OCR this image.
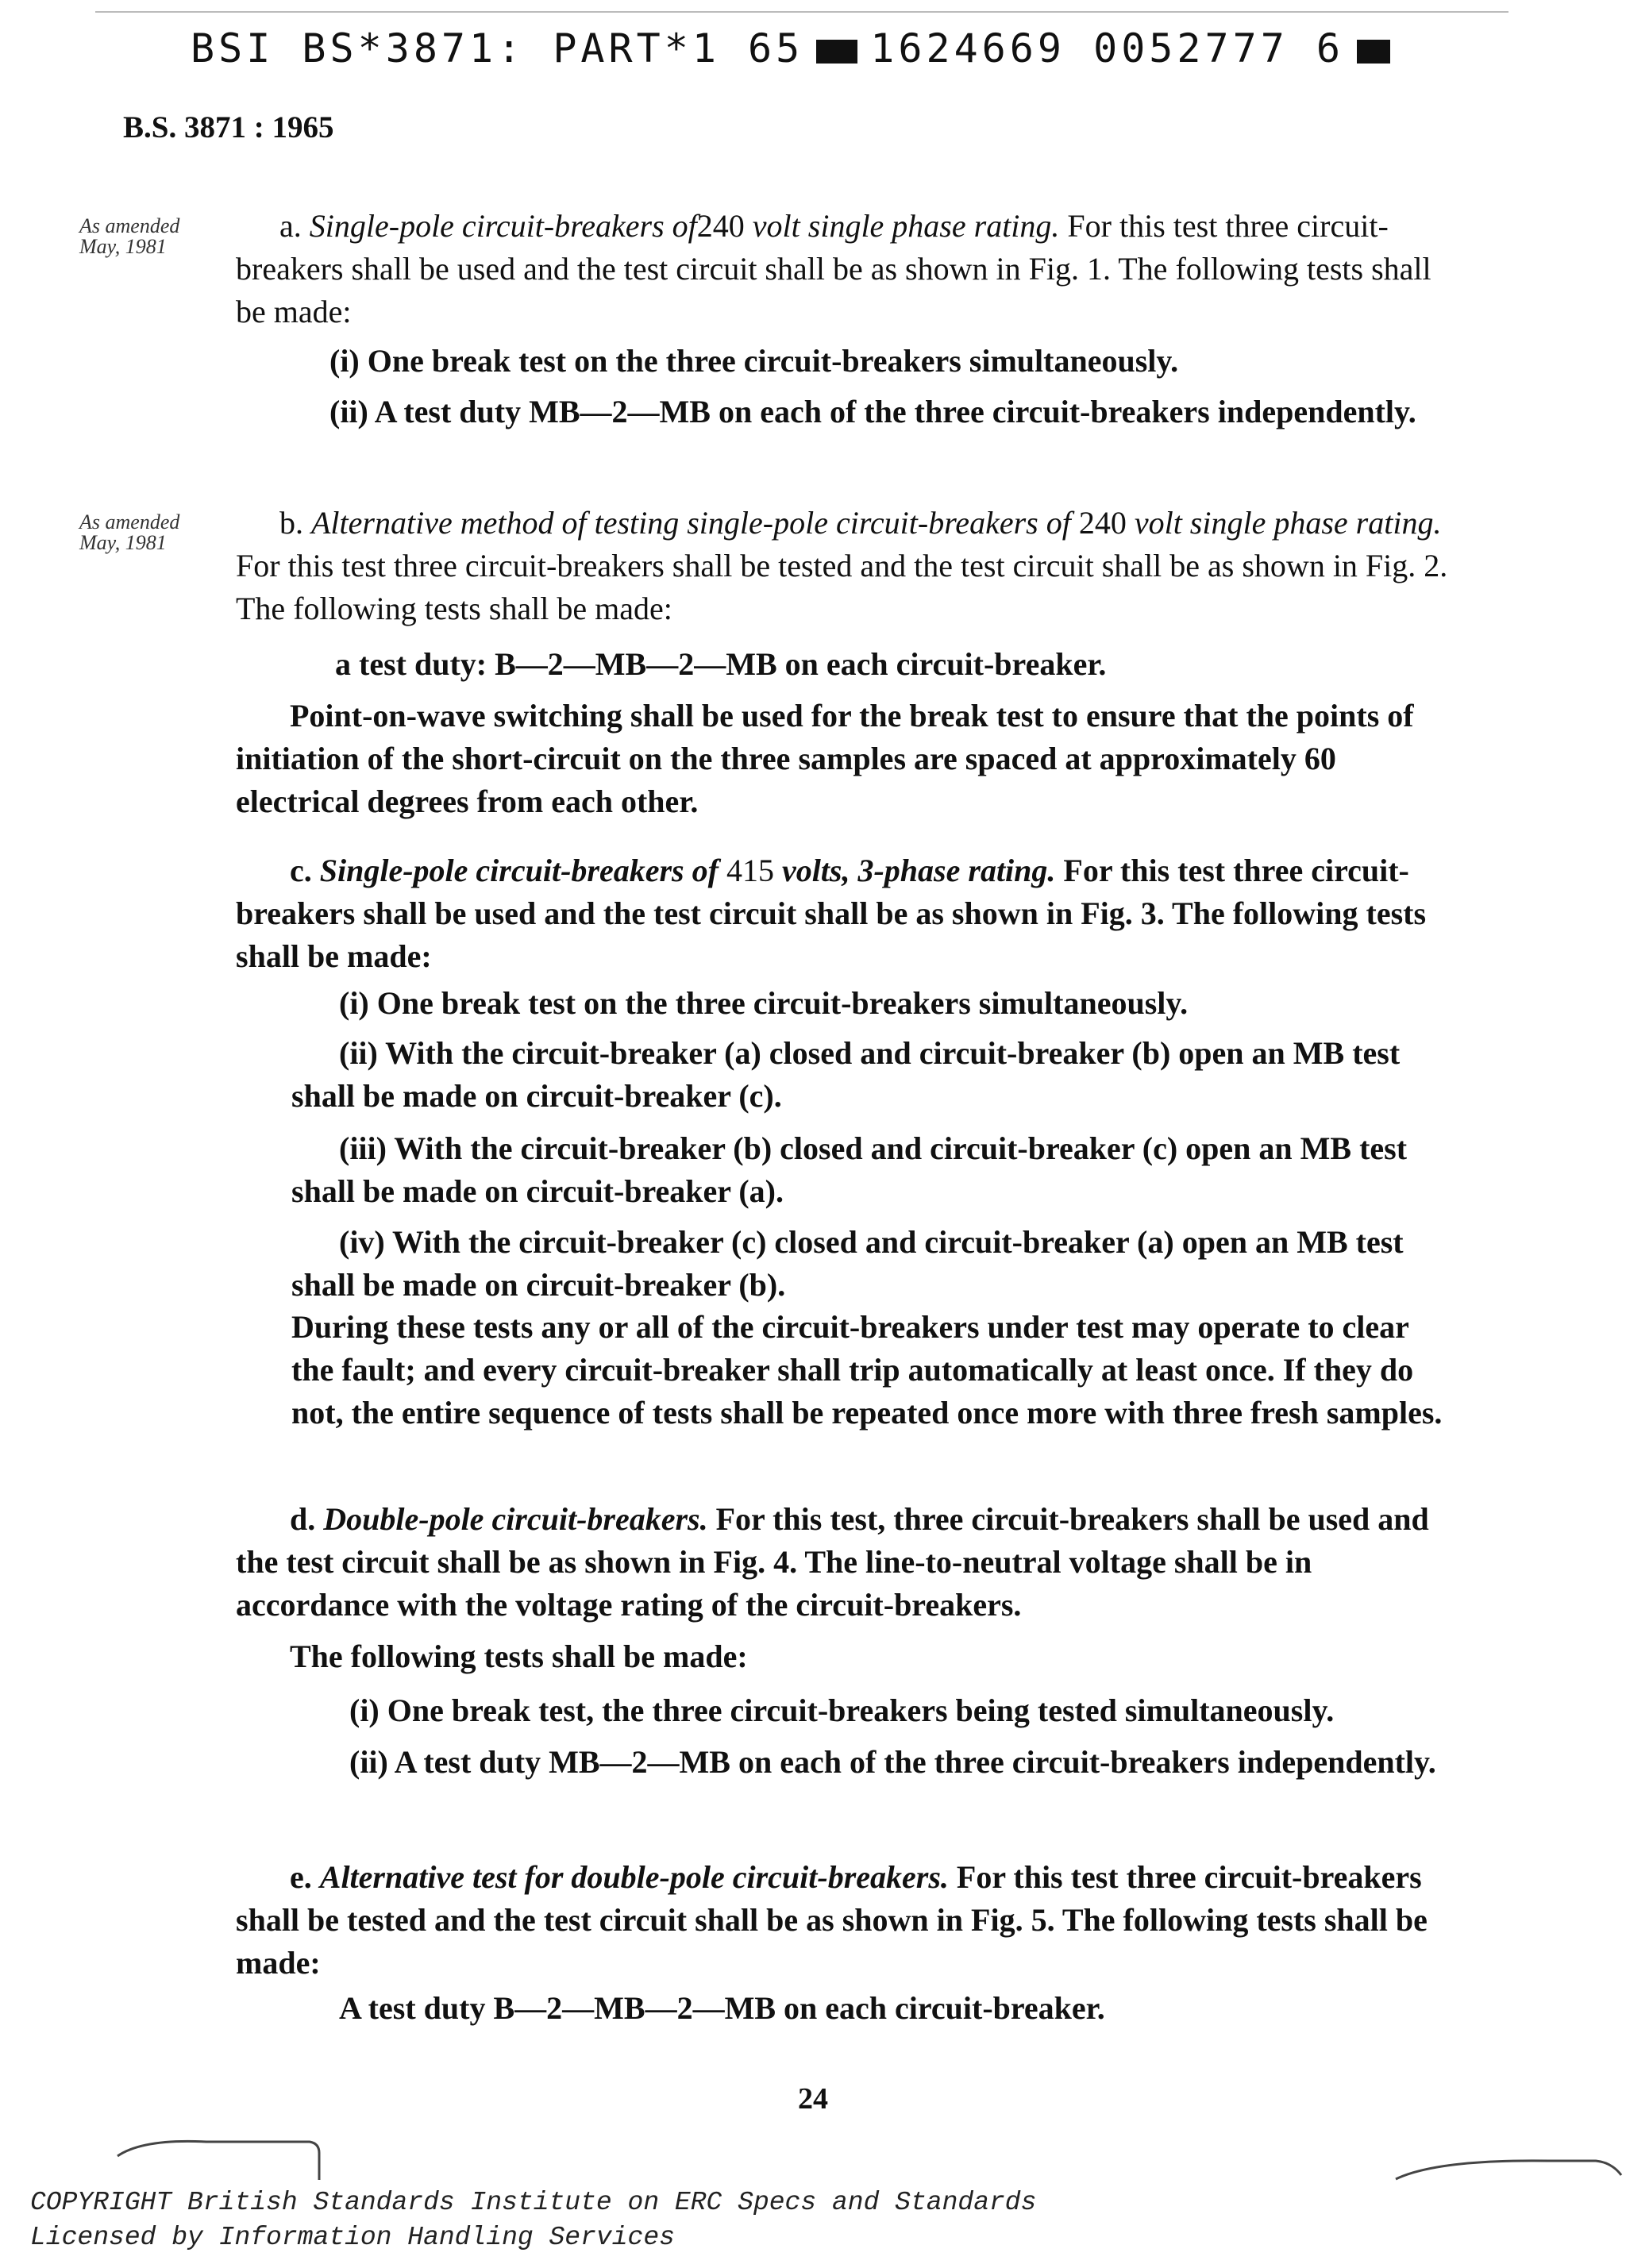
BSI BS*3871: PART*1 65 1624669 0052777 6
B.S. 3871 : 1965
As amended
May, 1981
As amended
May, 1981
a. Single-pole circuit-breakers of240 volt single phase rating. For this test three circuit-breakers shall be used and the test circuit shall be as shown in Fig. 1. The following tests shall be made:
(i) One break test on the three circuit-breakers simultaneously.
(ii) A test duty MB—2—MB on each of the three circuit-breakers independently.
b. Alternative method of testing single-pole circuit-breakers of 240 volt single phase rating. For this test three circuit-breakers shall be tested and the test circuit shall be as shown in Fig. 2. The following tests shall be made:
a test duty: B—2—MB—2—MB on each circuit-breaker.
Point-on-wave switching shall be used for the break test to ensure that the points of initiation of the short-circuit on the three samples are spaced at approximately 60 electrical degrees from each other.
c. Single-pole circuit-breakers of 415 volts, 3-phase rating. For this test three circuit-breakers shall be used and the test circuit shall be as shown in Fig. 3. The following tests shall be made:
(i) One break test on the three circuit-breakers simultaneously.
(ii) With the circuit-breaker (a) closed and circuit-breaker (b) open an MB test shall be made on circuit-breaker (c).
(iii) With the circuit-breaker (b) closed and circuit-breaker (c) open an MB test shall be made on circuit-breaker (a).
(iv) With the circuit-breaker (c) closed and circuit-breaker (a) open an MB test shall be made on circuit-breaker (b).
During these tests any or all of the circuit-breakers under test may operate to clear the fault; and every circuit-breaker shall trip automatically at least once. If they do not, the entire sequence of tests shall be repeated once more with three fresh samples.
d. Double-pole circuit-breakers. For this test, three circuit-breakers shall be used and the test circuit shall be as shown in Fig. 4. The line-to-neutral voltage shall be in accordance with the voltage rating of the circuit-breakers.
The following tests shall be made:
(i) One break test, the three circuit-breakers being tested simultaneously.
(ii) A test duty MB—2—MB on each of the three circuit-breakers independently.
e. Alternative test for double-pole circuit-breakers. For this test three circuit-breakers shall be tested and the test circuit shall be as shown in Fig. 5. The following tests shall be made:
A test duty B—2—MB—2—MB on each circuit-breaker.
24
COPYRIGHT British Standards Institute on ERC Specs and Standards
Licensed by Information Handling Services
